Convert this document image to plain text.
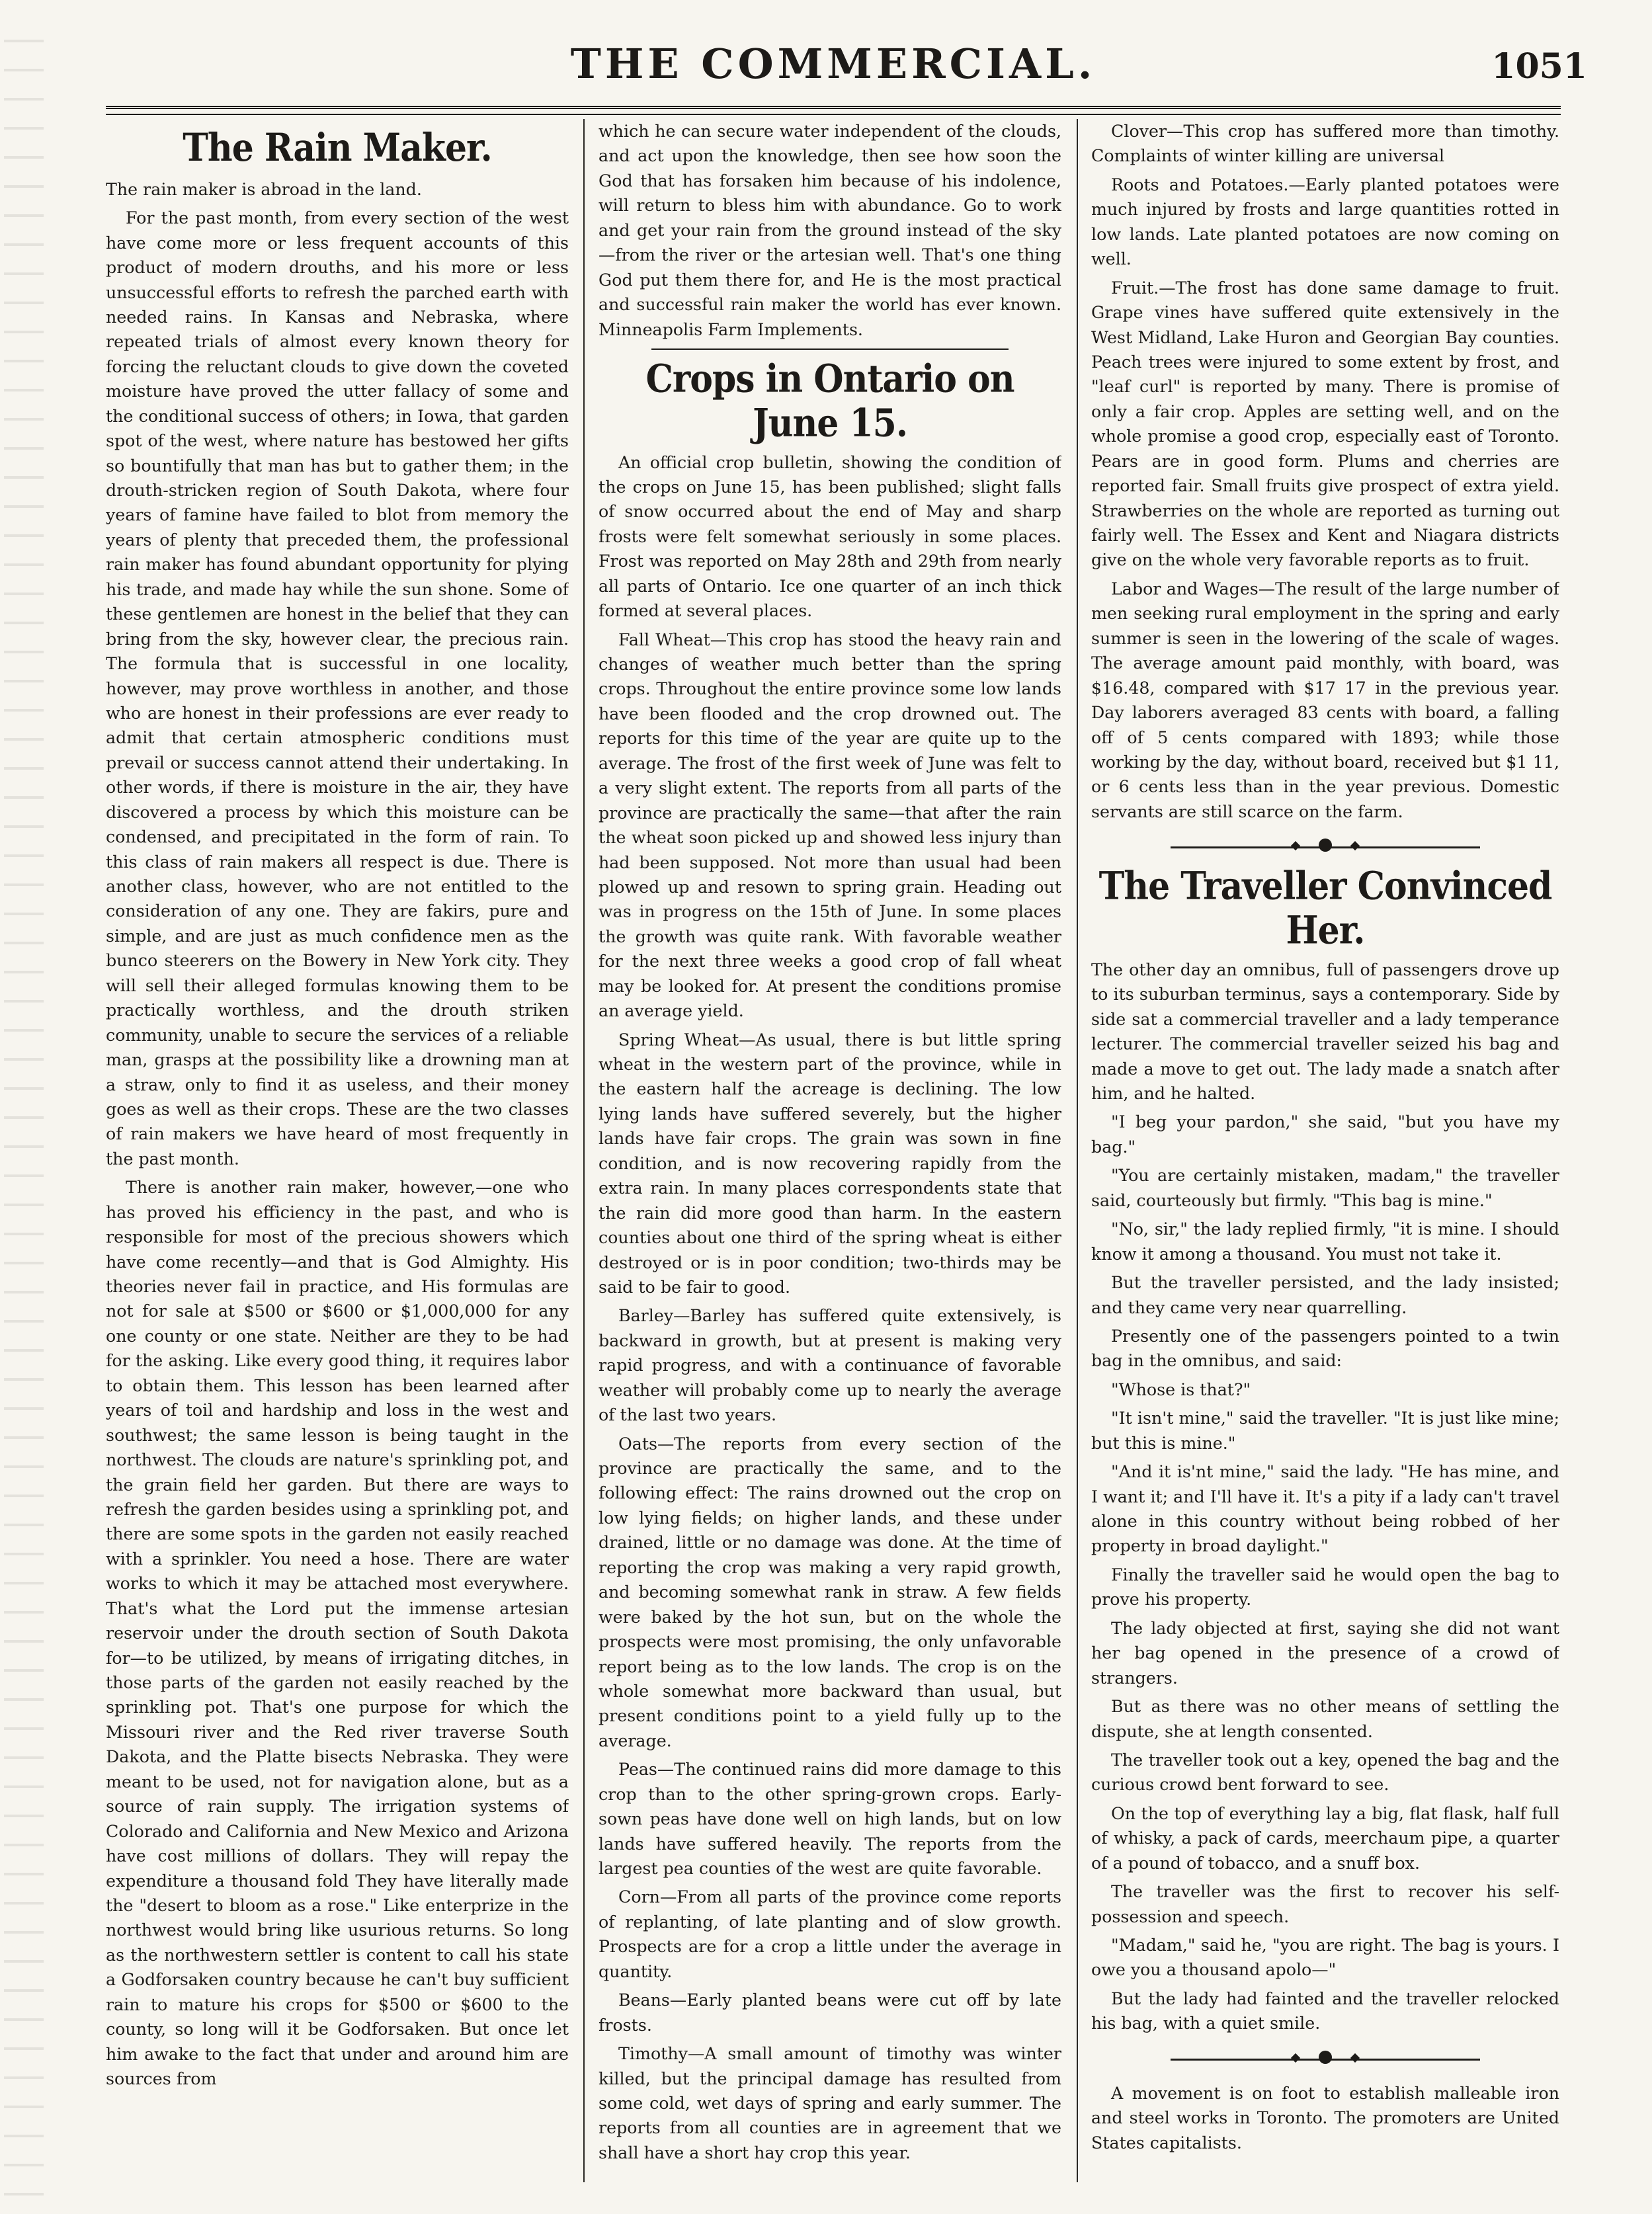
THE COMMERCIAL.	1051
The Rain Maker.

The rain maker is abroad in the land.

For the past month, from every section of the west have come more or less frequent accounts of this product of modern drouths, and his more or less unsuccessful efforts to refresh the parched earth with needed rains. In Kansas and Nebraska, where repeated trials of almost every known theory for forcing the reluctant clouds to give down the coveted moisture have proved the utter fallacy of some and the conditional success of others; in Iowa, that garden spot of the west, where nature has bestowed her gifts so bountifully that man has but to gather them; in the drouth-stricken region of South Dakota, where four years of famine have failed to blot from memory the years of plenty that preceded them, the professional rain maker has found abundant opportunity for plying his trade, and made hay while the sun shone. Some of these gentlemen are honest in the belief that they can bring from the sky, however clear, the precious rain. The formula that is successful in one locality, however, may prove worthless in another, and those who are honest in their professions are ever ready to admit that certain atmospheric conditions must prevail or success cannot attend their undertaking. In other words, if there is moisture in the air, they have discovered a process by which this moisture can be condensed, and precipitated in the form of rain. To this class of rain makers all respect is due. There is another class, however, who are not entitled to the consideration of any one. They are fakirs, pure and simple, and are just as much confidence men as the bunco steerers on the Bowery in New York city. They will sell their alleged formulas knowing them to be practically worthless, and the drouth striken community, unable to secure the services of a reliable man, grasps at the possibility like a drowning man at a straw, only to find it as useless, and their money goes as well as their crops. These are the two classes of rain makers we have heard of most frequently in the past month.

There is another rain maker, however,—one who has proved his efficiency in the past, and who is responsible for most of the precious showers which have come recently—and that is God Almighty. His theories never fail in practice, and His formulas are not for sale at $500 or $600 or $1,000,000 for any one county or one state. Neither are they to be had for the asking. Like every good thing, it requires labor to obtain them. This lesson has been learned after years of toil and hardship and loss in the west and southwest; the same lesson is being taught in the northwest. The clouds are nature's sprinkling pot, and the grain field her garden. But there are ways to refresh the garden besides using a sprinkling pot, and there are some spots in the garden not easily reached with a sprinkler. You need a hose. There are water works to which it may be attached most everywhere. That's what the Lord put the immense artesian reservoir under the drouth section of South Dakota for—to be utilized, by means of irrigating ditches, in those parts of the garden not easily reached by the sprinkling pot. That's one purpose for which the Missouri river and the Red river traverse South Dakota, and the Platte bisects Nebraska. They were meant to be used, not for navigation alone, but as a source of rain supply. The irrigation systems of Colorado and California and New Mexico and Arizona have cost millions of dollars. They will repay the expenditure a thousand fold They have literally made the "desert to bloom as a rose." Like enterprize in the northwest would bring like usurious returns. So long as the northwestern settler is content to call his state a Godforsaken country because he can't buy sufficient rain to mature his crops for $500 or $600 to the county, so long will it be Godforsaken. But once let him awake to the fact that under and around him are sources from

which he can secure water independent of the clouds, and act upon the knowledge, then see how soon the God that has forsaken him because of his indolence, will return to bless him with abundance. Go to work and get your rain from the ground instead of the sky—from the river or the artesian well. That's one thing God put them there for, and He is the most practical and successful rain maker the world has ever known. Minneapolis Farm Implements.

Crops in Ontario on June 15.

An official crop bulletin, showing the condition of the crops on June 15, has been published; slight falls of snow occurred about the end of May and sharp frosts were felt somewhat seriously in some places. Frost was reported on May 28th and 29th from nearly all parts of Ontario. Ice one quarter of an inch thick formed at several places.

Fall Wheat—This crop has stood the heavy rain and changes of weather much better than the spring crops. Throughout the entire province some low lands have been flooded and the crop drowned out. The reports for this time of the year are quite up to the average. The frost of the first week of June was felt to a very slight extent. The reports from all parts of the province are practically the same—that after the rain the wheat soon picked up and showed less injury than had been supposed. Not more than usual had been plowed up and resown to spring grain. Heading out was in progress on the 15th of June. In some places the growth was quite rank. With favorable weather for the next three weeks a good crop of fall wheat may be looked for. At present the conditions promise an average yield.

Spring Wheat—As usual, there is but little spring wheat in the western part of the province, while in the eastern half the acreage is declining. The low lying lands have suffered severely, but the higher lands have fair crops. The grain was sown in fine condition, and is now recovering rapidly from the extra rain. In many places correspondents state that the rain did more good than harm. In the eastern counties about one third of the spring wheat is either destroyed or is in poor condition; two-thirds may be said to be fair to good.

Barley—Barley has suffered quite extensively, is backward in growth, but at present is making very rapid progress, and with a continuance of favorable weather will probably come up to nearly the average of the last two years.

Oats—The reports from every section of the province are practically the same, and to the following effect: The rains drowned out the crop on low lying fields; on higher lands, and these under drained, little or no damage was done. At the time of reporting the crop was making a very rapid growth, and becoming somewhat rank in straw. A few fields were baked by the hot sun, but on the whole the prospects were most promising, the only unfavorable report being as to the low lands. The crop is on the whole somewhat more backward than usual, but present conditions point to a yield fully up to the average.

Peas—The continued rains did more damage to this crop than to the other spring-grown crops. Early-sown peas have done well on high lands, but on low lands have suffered heavily. The reports from the largest pea counties of the west are quite favorable.

Corn—From all parts of the province come reports of replanting, of late planting and of slow growth. Prospects are for a crop a little under the average in quantity.

Beans—Early planted beans were cut off by late frosts.

Timothy—A small amount of timothy was winter killed, but the principal damage has resulted from some cold, wet days of spring and early summer. The reports from all counties are in agreement that we shall have a short hay crop this year.

Clover—This crop has suffered more than timothy. Complaints of winter killing are universal

Roots and Potatoes.—Early planted potatoes were much injured by frosts and large quantities rotted in low lands. Late planted potatoes are now coming on well.

Fruit.—The frost has done same damage to fruit. Grape vines have suffered quite extensively in the West Midland, Lake Huron and Georgian Bay counties. Peach trees were injured to some extent by frost, and "leaf curl" is reported by many. There is promise of only a fair crop. Apples are setting well, and on the whole promise a good crop, especially east of Toronto. Pears are in good form. Plums and cherries are reported fair. Small fruits give prospect of extra yield. Strawberries on the whole are reported as turning out fairly well. The Essex and Kent and Niagara districts give on the whole very favorable reports as to fruit.

Labor and Wages—The result of the large number of men seeking rural employment in the spring and early summer is seen in the lowering of the scale of wages. The average amount paid monthly, with board, was $16.48, compared with $17 17 in the previous year. Day laborers averaged 83 cents with board, a falling off of 5 cents compared with 1893; while those working by the day, without board, received but $1 11, or 6 cents less than in the year previous. Domestic servants are still scarce on the farm.

The Traveller Convinced Her.

The other day an omnibus, full of passengers drove up to its suburban terminus, says a contemporary. Side by side sat a commercial traveller and a lady temperance lecturer. The commercial traveller seized his bag and made a move to get out. The lady made a snatch after him, and he halted.

"I beg your pardon," she said, "but you have my bag."

"You are certainly mistaken, madam," the traveller said, courteously but firmly. "This bag is mine."

"No, sir," the lady replied firmly, "it is mine. I should know it among a thousand. You must not take it.

But the traveller persisted, and the lady insisted; and they came very near quarrelling.

Presently one of the passengers pointed to a twin bag in the omnibus, and said:

"Whose is that?"

"It isn't mine," said the traveller. "It is just like mine; but this is mine."

"And it is'nt mine," said the lady. "He has mine, and I want it; and I'll have it. It's a pity if a lady can't travel alone in this country without being robbed of her property in broad daylight."

Finally the traveller said he would open the bag to prove his property.

The lady objected at first, saying she did not want her bag opened in the presence of a crowd of strangers.

But as there was no other means of settling the dispute, she at length consented.

The traveller took out a key, opened the bag and the curious crowd bent forward to see.

On the top of everything lay a big, flat flask, half full of whisky, a pack of cards, meerchaum pipe, a quarter of a pound of tobacco, and a snuff box.

The traveller was the first to recover his self-possession and speech.

"Madam," said he, "you are right. The bag is yours. I owe you a thousand apolo—"

But the lady had fainted and the traveller relocked his bag, with a quiet smile.

A movement is on foot to establish malleable iron and steel works in Toronto. The promoters are United States capitalists.
